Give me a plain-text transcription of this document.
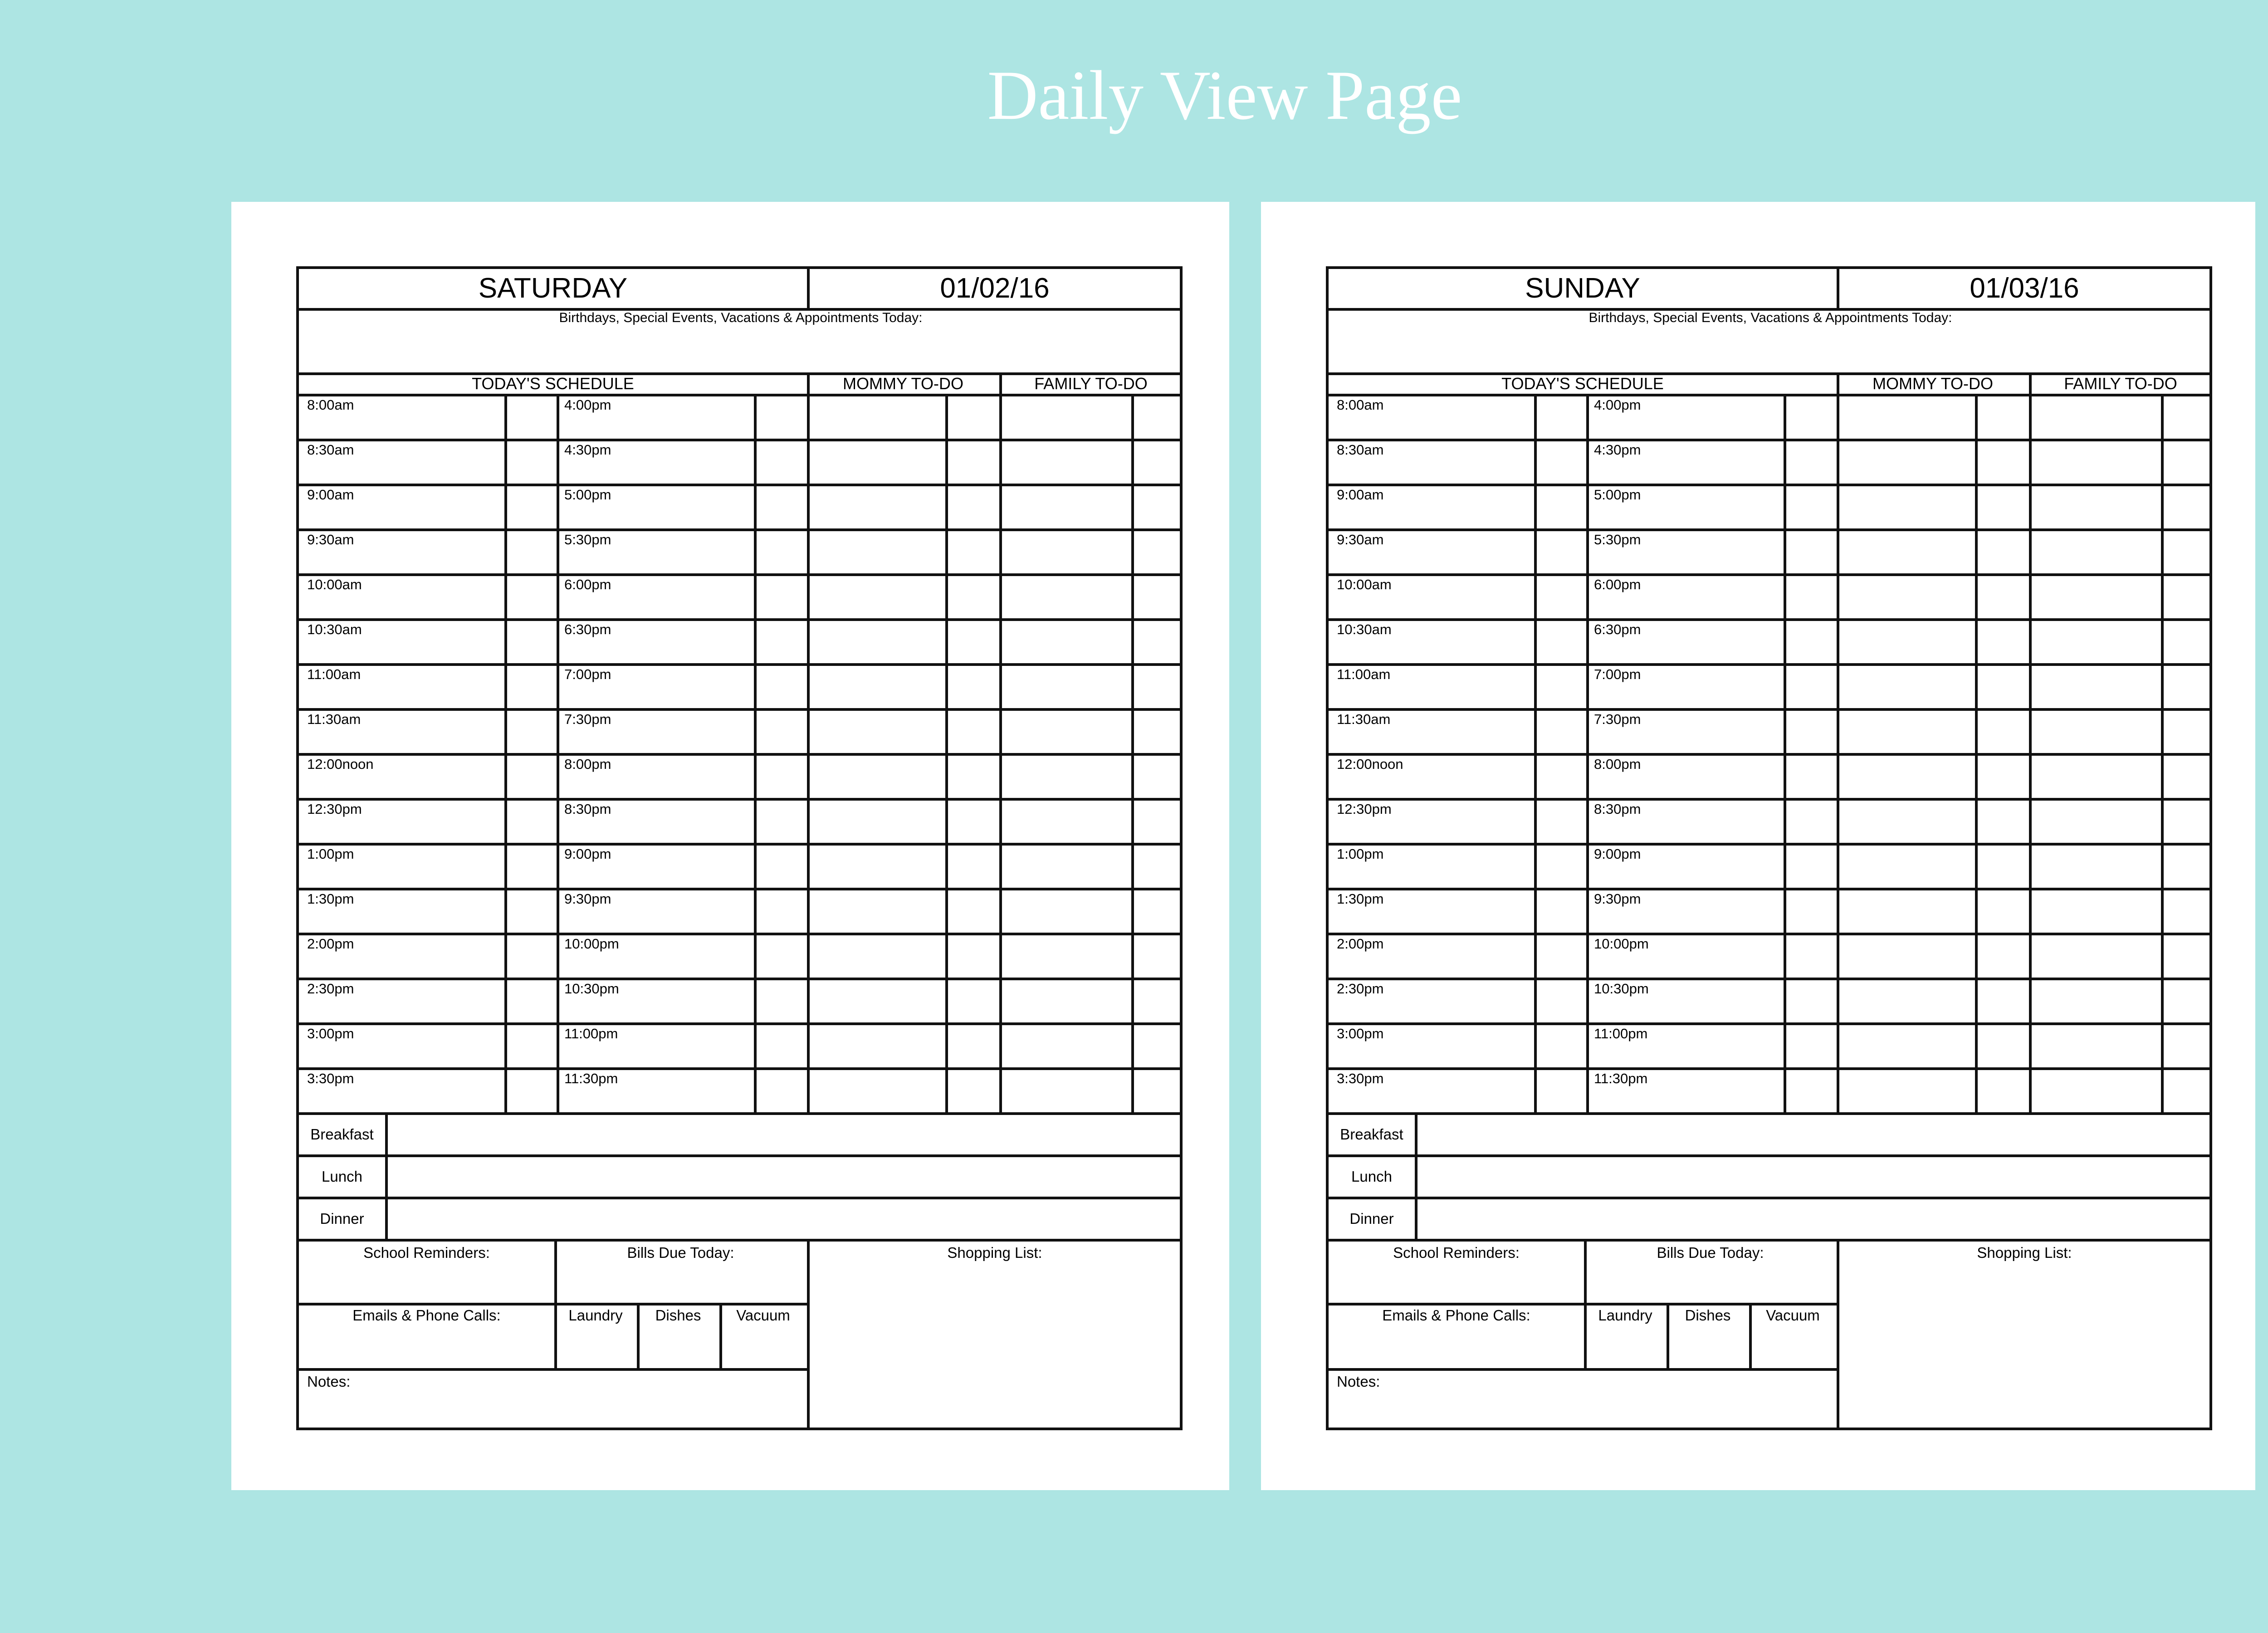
Daily View Page
SATURDAY	01/02/16
Birthdays, Special Events, Vacations & Appointments Today:
TODAY'S SCHEDULE	MOMMY TO-DO	FAMILY TO-DO
8:00am	4:00pm
8:30am	4:30pm
9:00am	5:00pm
9:30am	5:30pm
10:00am	6:00pm
10:30am	6:30pm
11:00am	7:00pm
11:30am	7:30pm
12:00noon	8:00pm
12:30pm	8:30pm
1:00pm	9:00pm
1:30pm	9:30pm
2:00pm	10:00pm
2:30pm	10:30pm
3:00pm	11:00pm
3:30pm	11:30pm
Breakfast
Lunch
Dinner
School Reminders:	Bills Due Today:	Shopping List:
Emails & Phone Calls:	Laundry	Dishes	Vacuum
Notes:
SUNDAY	01/03/16
Birthdays, Special Events, Vacations & Appointments Today:
TODAY'S SCHEDULE	MOMMY TO-DO	FAMILY TO-DO
8:00am	4:00pm
8:30am	4:30pm
9:00am	5:00pm
9:30am	5:30pm
10:00am	6:00pm
10:30am	6:30pm
11:00am	7:00pm
11:30am	7:30pm
12:00noon	8:00pm
12:30pm	8:30pm
1:00pm	9:00pm
1:30pm	9:30pm
2:00pm	10:00pm
2:30pm	10:30pm
3:00pm	11:00pm
3:30pm	11:30pm
Breakfast
Lunch
Dinner
School Reminders:	Bills Due Today:	Shopping List:
Emails & Phone Calls:	Laundry	Dishes	Vacuum
Notes:
